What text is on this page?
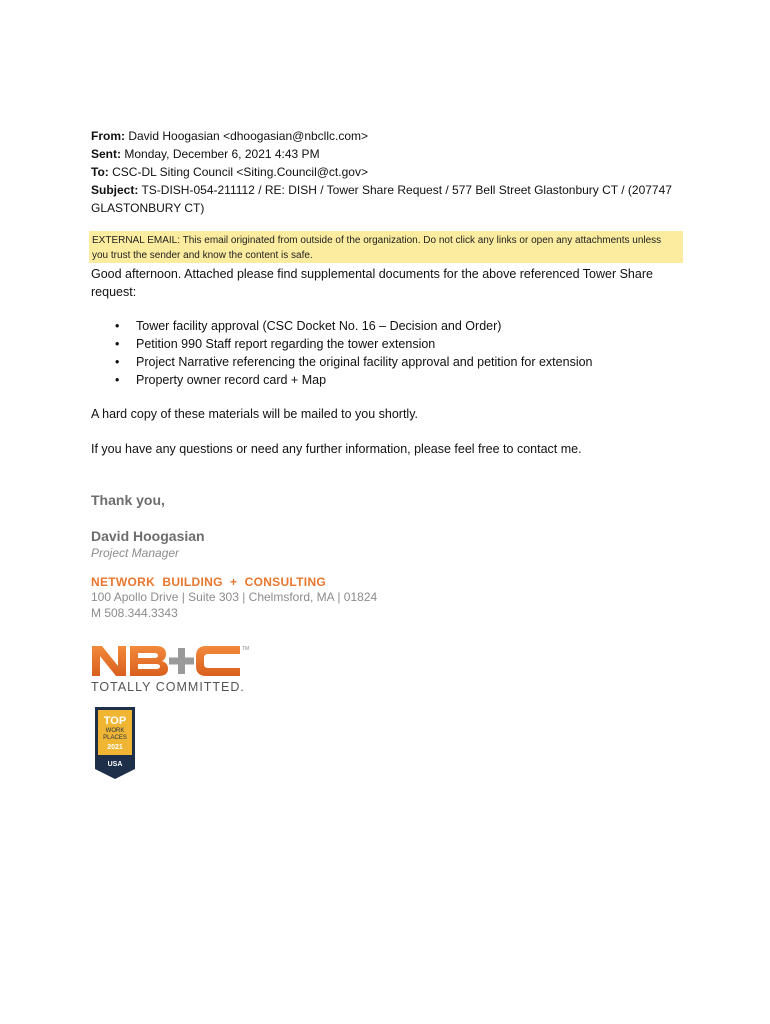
From: David Hoogasian <dhoogasian@nbcllc.com>
Sent: Monday, December 6, 2021 4:43 PM
To: CSC-DL Siting Council <Siting.Council@ct.gov>
Subject: TS-DISH-054-211112 / RE: DISH / Tower Share Request / 577 Bell Street Glastonbury CT / (207747 GLASTONBURY CT)
EXTERNAL EMAIL: This email originated from outside of the organization. Do not click any links or open any attachments unless you trust the sender and know the content is safe.
Good afternoon. Attached please find supplemental documents for the above referenced Tower Share request:
• Tower facility approval (CSC Docket No. 16 – Decision and Order)
• Petition 990 Staff report regarding the tower extension
• Project Narrative referencing the original facility approval and petition for extension
• Property owner record card + Map
A hard copy of these materials will be mailed to you shortly.
If you have any questions or need any further information, please feel free to contact me.
Thank you,
David Hoogasian
Project Manager
NETWORK  BUILDING  +  CONSULTING
100 Apollo Drive | Suite 303 | Chelmsford, MA | 01824
M 508.344.3343
TM
TOTALLY COMMITTED.
TOP
WORK
PLACES
2021
USA
